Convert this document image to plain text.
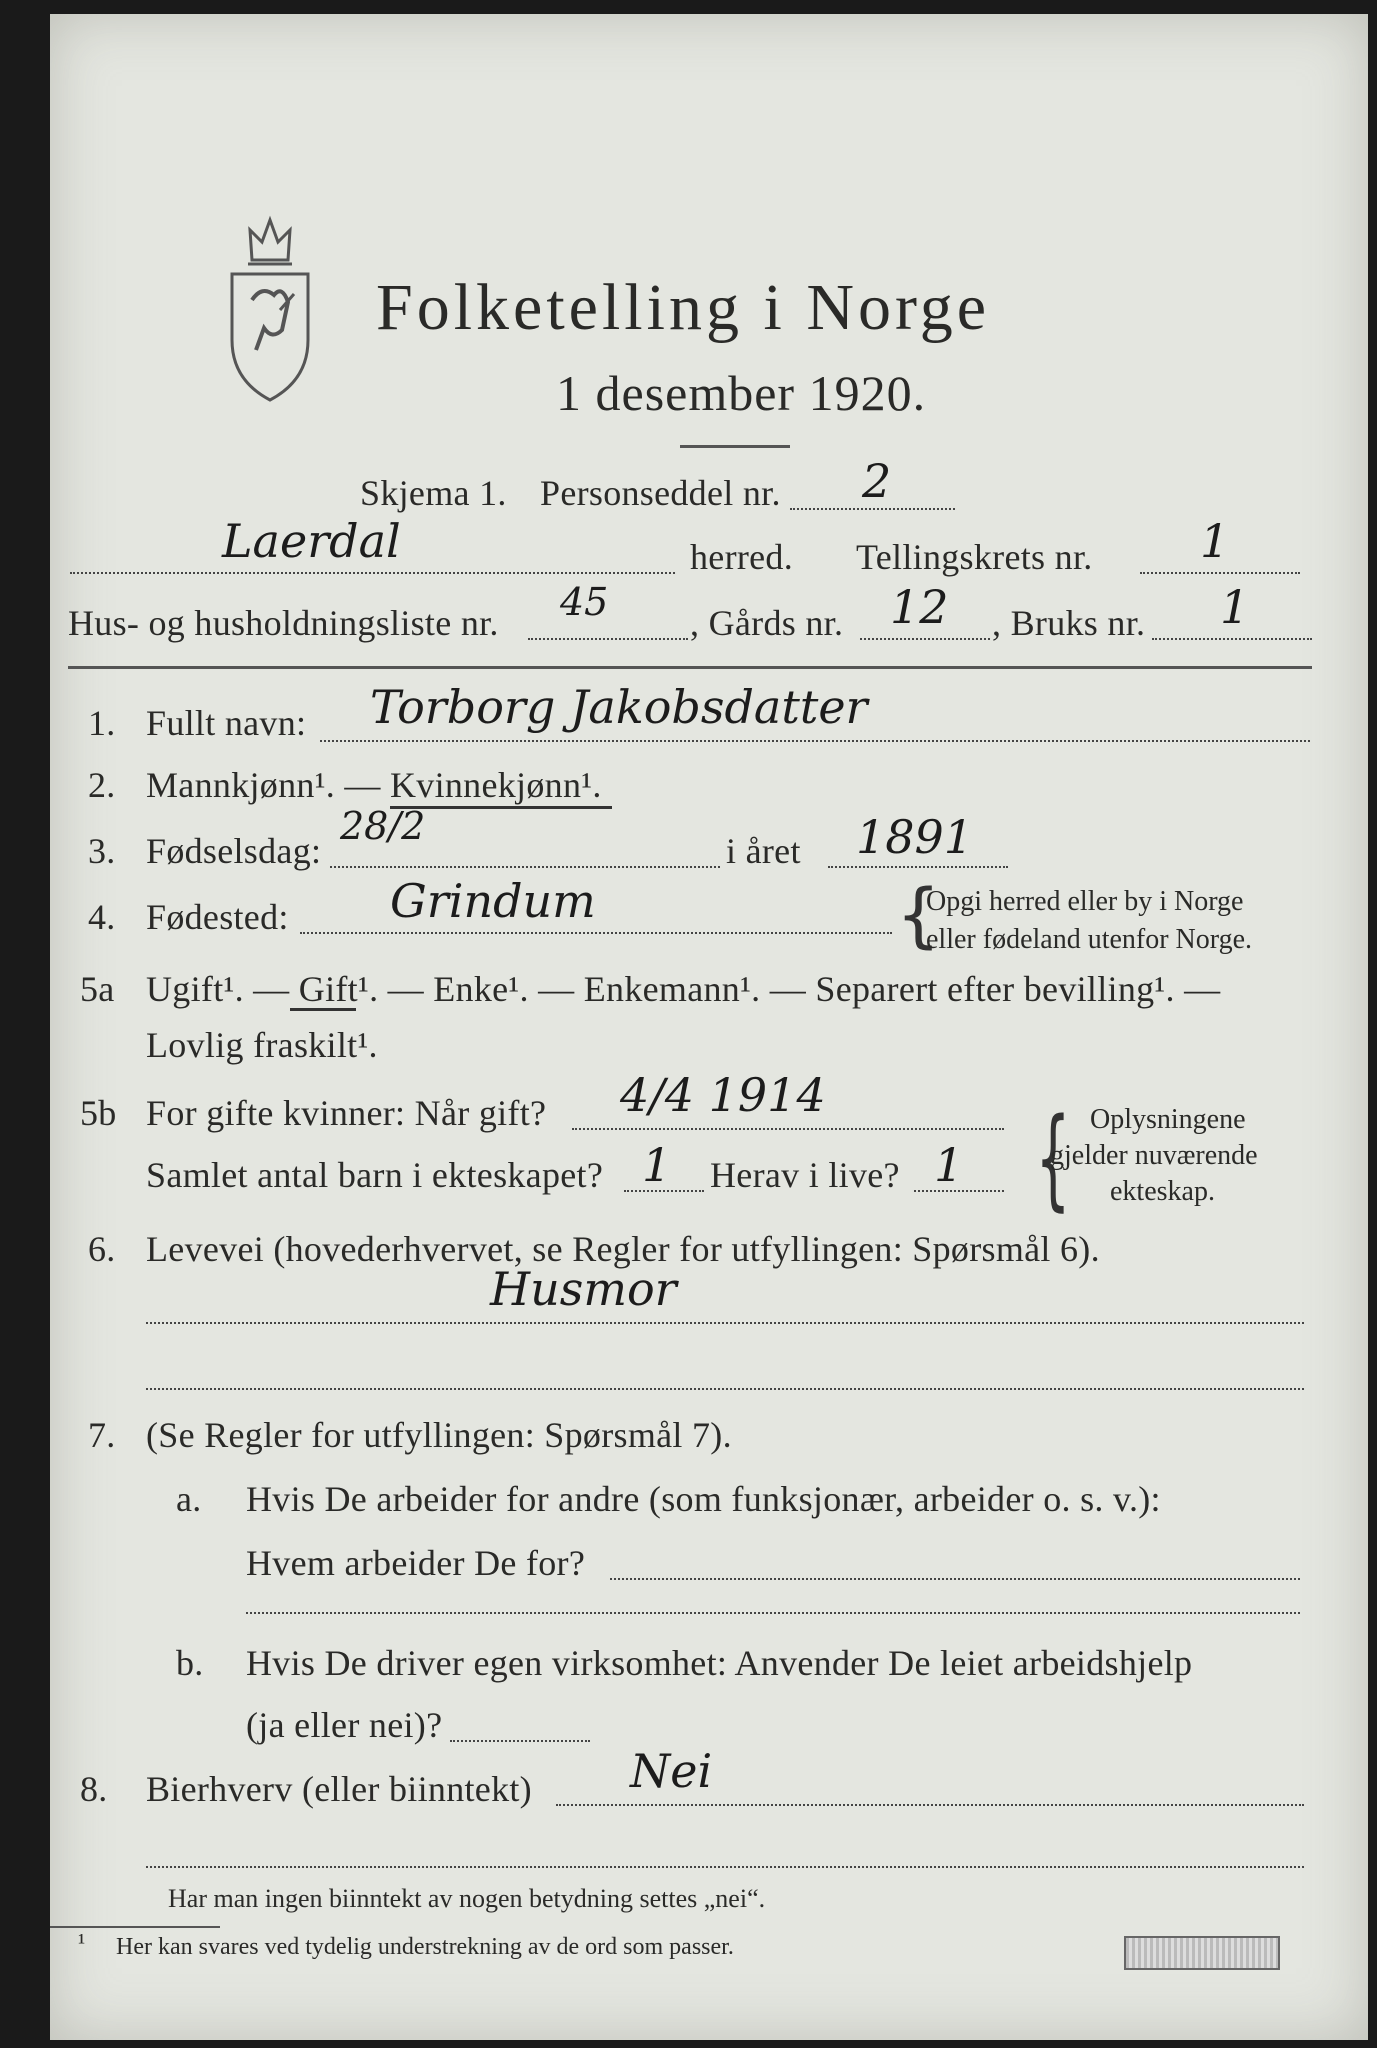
Folketelling i Norge
1 desember 1920.
Skjema 1. Personseddel nr. 2
Laerdal	herred. Tellingskrets nr. 1
Hus- og husholdningsliste nr. 45 , Gårds nr. 12 , Bruks nr. 1
1. Fullt navn: Torborg Jakobsdatter
2. Mannkjønn¹. — Kvinnekjønn¹.
3. Fødselsdag:
28/2
i året 1891
4. Fødested: Grindum	{
Opgi herred eller by i Norge
eller fødeland utenfor Norge.
5a Ugift¹. — Gift¹. — Enke¹. — Enkemann¹. — Separert efter bevilling¹. —
Lovlig fraskilt¹.
5b For gifte kvinner: Når gift? 4/4 1914
Samlet antal barn i ekteskapet? 1 Herav i live? 1 { Oplysningene
gjelder nuværende
ekteskap.
6. Levevei (hovederhvervet, se Regler for utfyllingen: Spørsmål 6).
Husmor
7. (Se Regler for utfyllingen: Spørsmål 7).
a. Hvis De arbeider for andre (som funksjonær, arbeider o. s. v.):
Hvem arbeider De for?
b. Hvis De driver egen virksomhet: Anvender De leiet arbeidshjelp
(ja eller nei)?
8. Bierhverv (eller biinntekt) Nei
Har man ingen biinntekt av nogen betydning settes „nei“.
¹ Her kan svares ved tydelig understrekning av de ord som passer.
